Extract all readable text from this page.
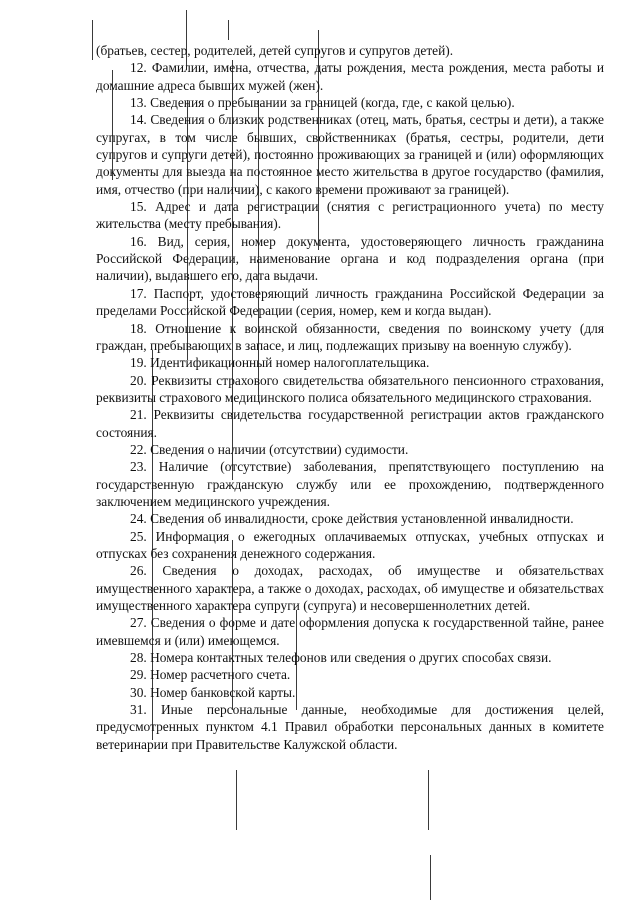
(братьев, сестер, родителей, детей супругов и супругов детей).

12. Фамилии, имена, отчества, даты рождения, места рождения, места работы и домашние адреса бывших мужей (жен).

13. Сведения о пребывании за границей (когда, где, с какой целью).

14. Сведения о близких родственниках (отец, мать, братья, сестры и дети), а также супругах, в том числе бывших, свойственниках (братья, сестры, родители, дети супругов и супруги детей), постоянно проживающих за границей и (или) оформляющих документы для выезда на постоянное место жительства в другое государство (фамилия, имя, отчество (при наличии), с какого времени проживают за границей).

15. Адрес и дата регистрации (снятия с регистрационного учета) по месту жительства (месту пребывания).

16. Вид, серия, номер документа, удостоверяющего личность гражданина Российской Федерации, наименование органа и код подразделения органа (при наличии), выдавшего его, дата выдачи.

17. Паспорт, удостоверяющий личность гражданина Российской Федерации за пределами Российской Федерации (серия, номер, кем и когда выдан).

18. Отношение к воинской обязанности, сведения по воинскому учету (для граждан, пребывающих в запасе, и лиц, подлежащих призыву на военную службу).

19. Идентификационный номер налогоплательщика.

20. Реквизиты страхового свидетельства обязательного пенсионного страхования, реквизиты страхового медицинского полиса обязательного медицинского страхования.

21. Реквизиты свидетельства государственной регистрации актов гражданского состояния.

22. Сведения о наличии (отсутствии) судимости.

23. Наличие (отсутствие) заболевания, препятствующего поступлению на государственную гражданскую службу или ее прохождению, подтвержденного заключением медицинского учреждения.

24. Сведения об инвалидности, сроке действия установленной инвалидности.

25. Информация о ежегодных оплачиваемых отпусках, учебных отпусках и отпусках без сохранения денежного содержания.

26. Сведения о доходах, расходах, об имуществе и обязательствах имущественного характера, а также о доходах, расходах, об имуществе и обязательствах имущественного характера супруги (супруга) и несовершеннолетних детей.

27. Сведения о форме и дате оформления допуска к государственной тайне, ранее имевшемся и (или) имеющемся.

28. Номера контактных телефонов или сведения о других способах связи.

29. Номер расчетного счета.

30. Номер банковской карты.

31. Иные персональные данные, необходимые для достижения целей, предусмотренных пунктом 4.1 Правил обработки персональных данных в комитете ветеринарии при Правительстве Калужской области.
